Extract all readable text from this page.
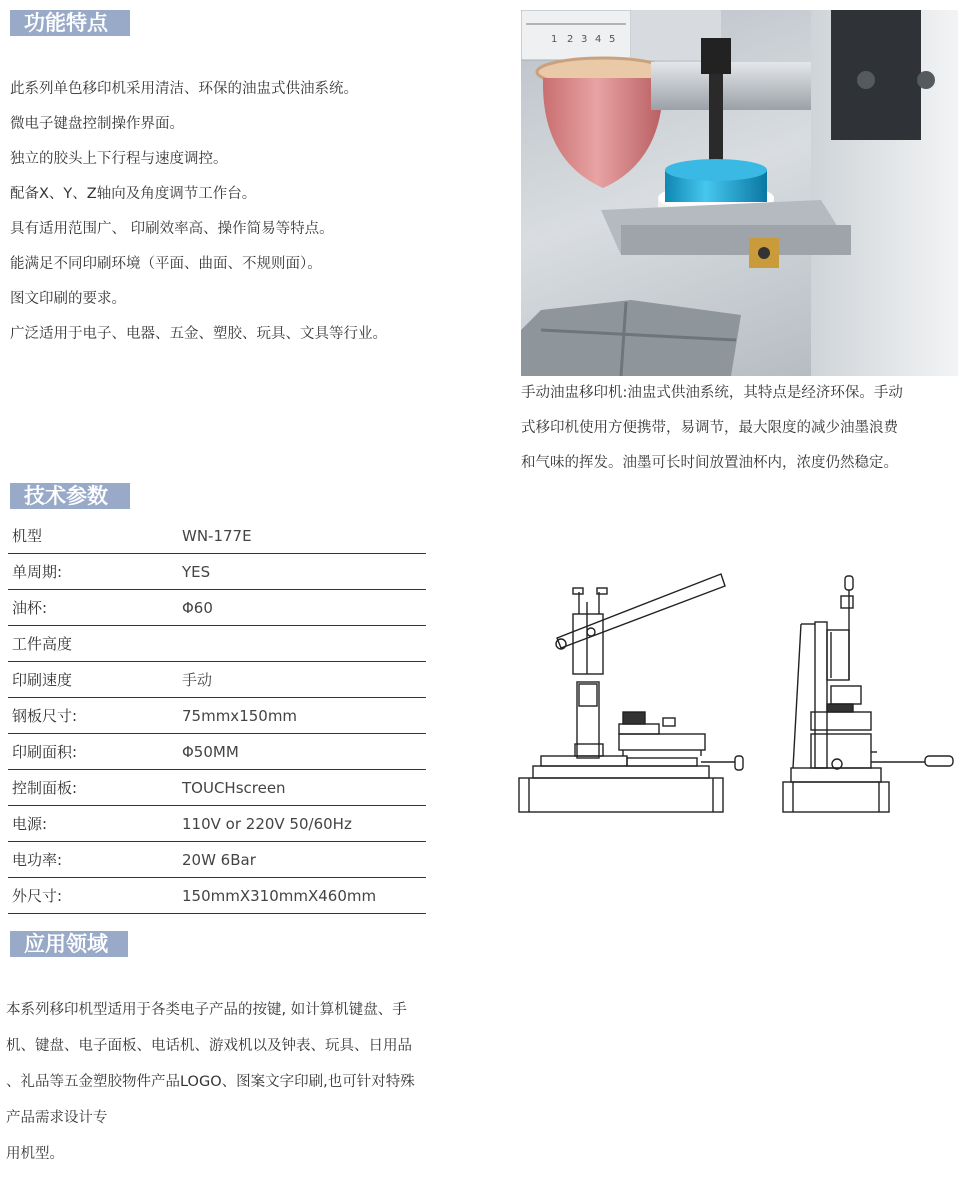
功能特点
此系列单色移印机采用清洁、环保的油盅式供油系统。
微电子键盘控制操作界面。
独立的胶头上下行程与速度调控。
配备X、Y、Z轴向及角度调节工作台。
具有适用范围广、 印刷效率高、操作简易等特点。
能满足不同印刷环境（平面、曲面、不规则面）。
图文印刷的要求。
广泛适用于电子、电器、五金、塑胶、玩具、文具等行业。
1 2 3 4 5
手动油盅移印机:油盅式供油系统，其特点是经济环保。手动
式移印机使用方便携带，易调节，最大限度的减少油墨浪费
和气味的挥发。油墨可长时间放置油杯内，浓度仍然稳定。
技术参数
机型	WN-177E
单周期:	YES
油杯:	Φ60
工件高度	
印刷速度	手动
钢板尺寸:	75mmx150mm
印刷面积:	Φ50MM
控制面板:	TOUCHscreen
电源:	110V or 220V 50/60Hz
电功率:	20W 6Bar
外尺寸:	150mmX310mmX460mm
应用领域

本系列移印机型适用于各类电子产品的按键, 如计算机键盘、手

机、键盘、电子面板、电话机、游戏机以及钟表、玩具、日用品

、礼品等五金塑胶物件产品LOGO、图案文字印刷,也可针对特殊

产品需求设计专

用机型。
